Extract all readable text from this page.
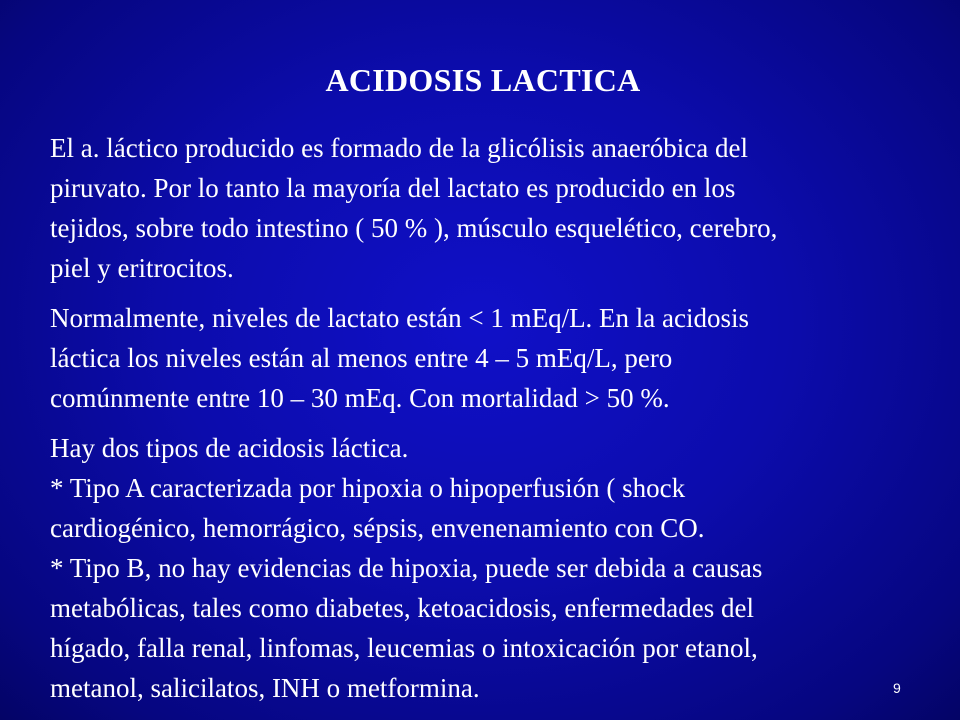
ACIDOSIS LACTICA

El a. láctico producido es formado de la glicólisis anaeróbica del
piruvato. Por lo tanto la mayoría del lactato es producido en los
tejidos, sobre todo intestino ( 50 % ), músculo esquelético, cerebro,
piel y eritrocitos.

Normalmente, niveles de lactato están < 1 mEq/L. En la acidosis
láctica los niveles están al menos entre 4 – 5 mEq/L, pero
comúnmente entre 10 – 30 mEq. Con mortalidad > 50 %.

Hay dos tipos de acidosis láctica.
* Tipo A caracterizada por hipoxia o hipoperfusión ( shock
cardiogénico, hemorrágico, sépsis, envenenamiento con CO.
* Tipo B, no hay evidencias de hipoxia, puede ser debida a causas
metabólicas, tales como diabetes, ketoacidosis, enfermedades del
hígado, falla renal, linfomas, leucemias o intoxicación por etanol,
metanol, salicilatos, INH o metformina.	9
